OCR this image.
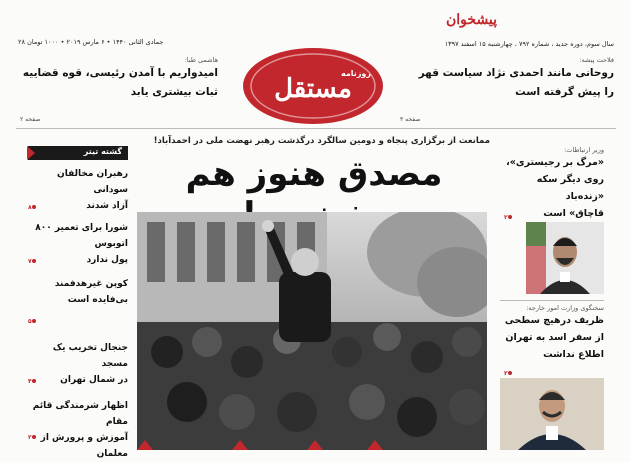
۲۸ جمادی الثانی ۱۴۴۰ • ۶ مارس ۲۰۱۹ • ۱۰۰۰ تومان	سال سوم، دوره جدید ، شماره ۷۹۲ ، چهارشنبه ۱۵ اسفند ۱۳۹۷
پیشخوان
مستقل
روزنامه
هاشمی طبا:
امیدواریم با آمدن رئیسی، قوه قضاییه
ثبات بیشتری یابد
صفحه ۲
فلاحت پیشه:
روحانی مانند احمدی نژاد سیاست قهر
را پیش گرفته است
صفحه ۳
ممانعت از برگزاری پنجاه و دومین سالگرد درگذشت رهبر نهضت ملی در احمدآباد!
مصدق هنوز هم
گشته تیتر
رهبران مخالفان سودانی
آزاد شدند
۸
شورا برای تعمیر ۸۰۰ اتوبوس
پول ندارد
۷
کوپن غیرهدفمند
بی‌فایده است
۵
جنجال تخریب یک مسجد
در شمال تهران
۴
اظهار شرمندگی قائم مقام
آموزش و پرورش از معلمان
۲
وزیر ارتباطات:
«مرگ بر رجیستری»،
روی دیگر سکه «زنده‌باد
قاچاق» است
۲
سخنگوی وزارت امور خارجه:
ظریف درهیچ سطحی
از سفر اسد به تهران
اطلاع نداشت
۲
